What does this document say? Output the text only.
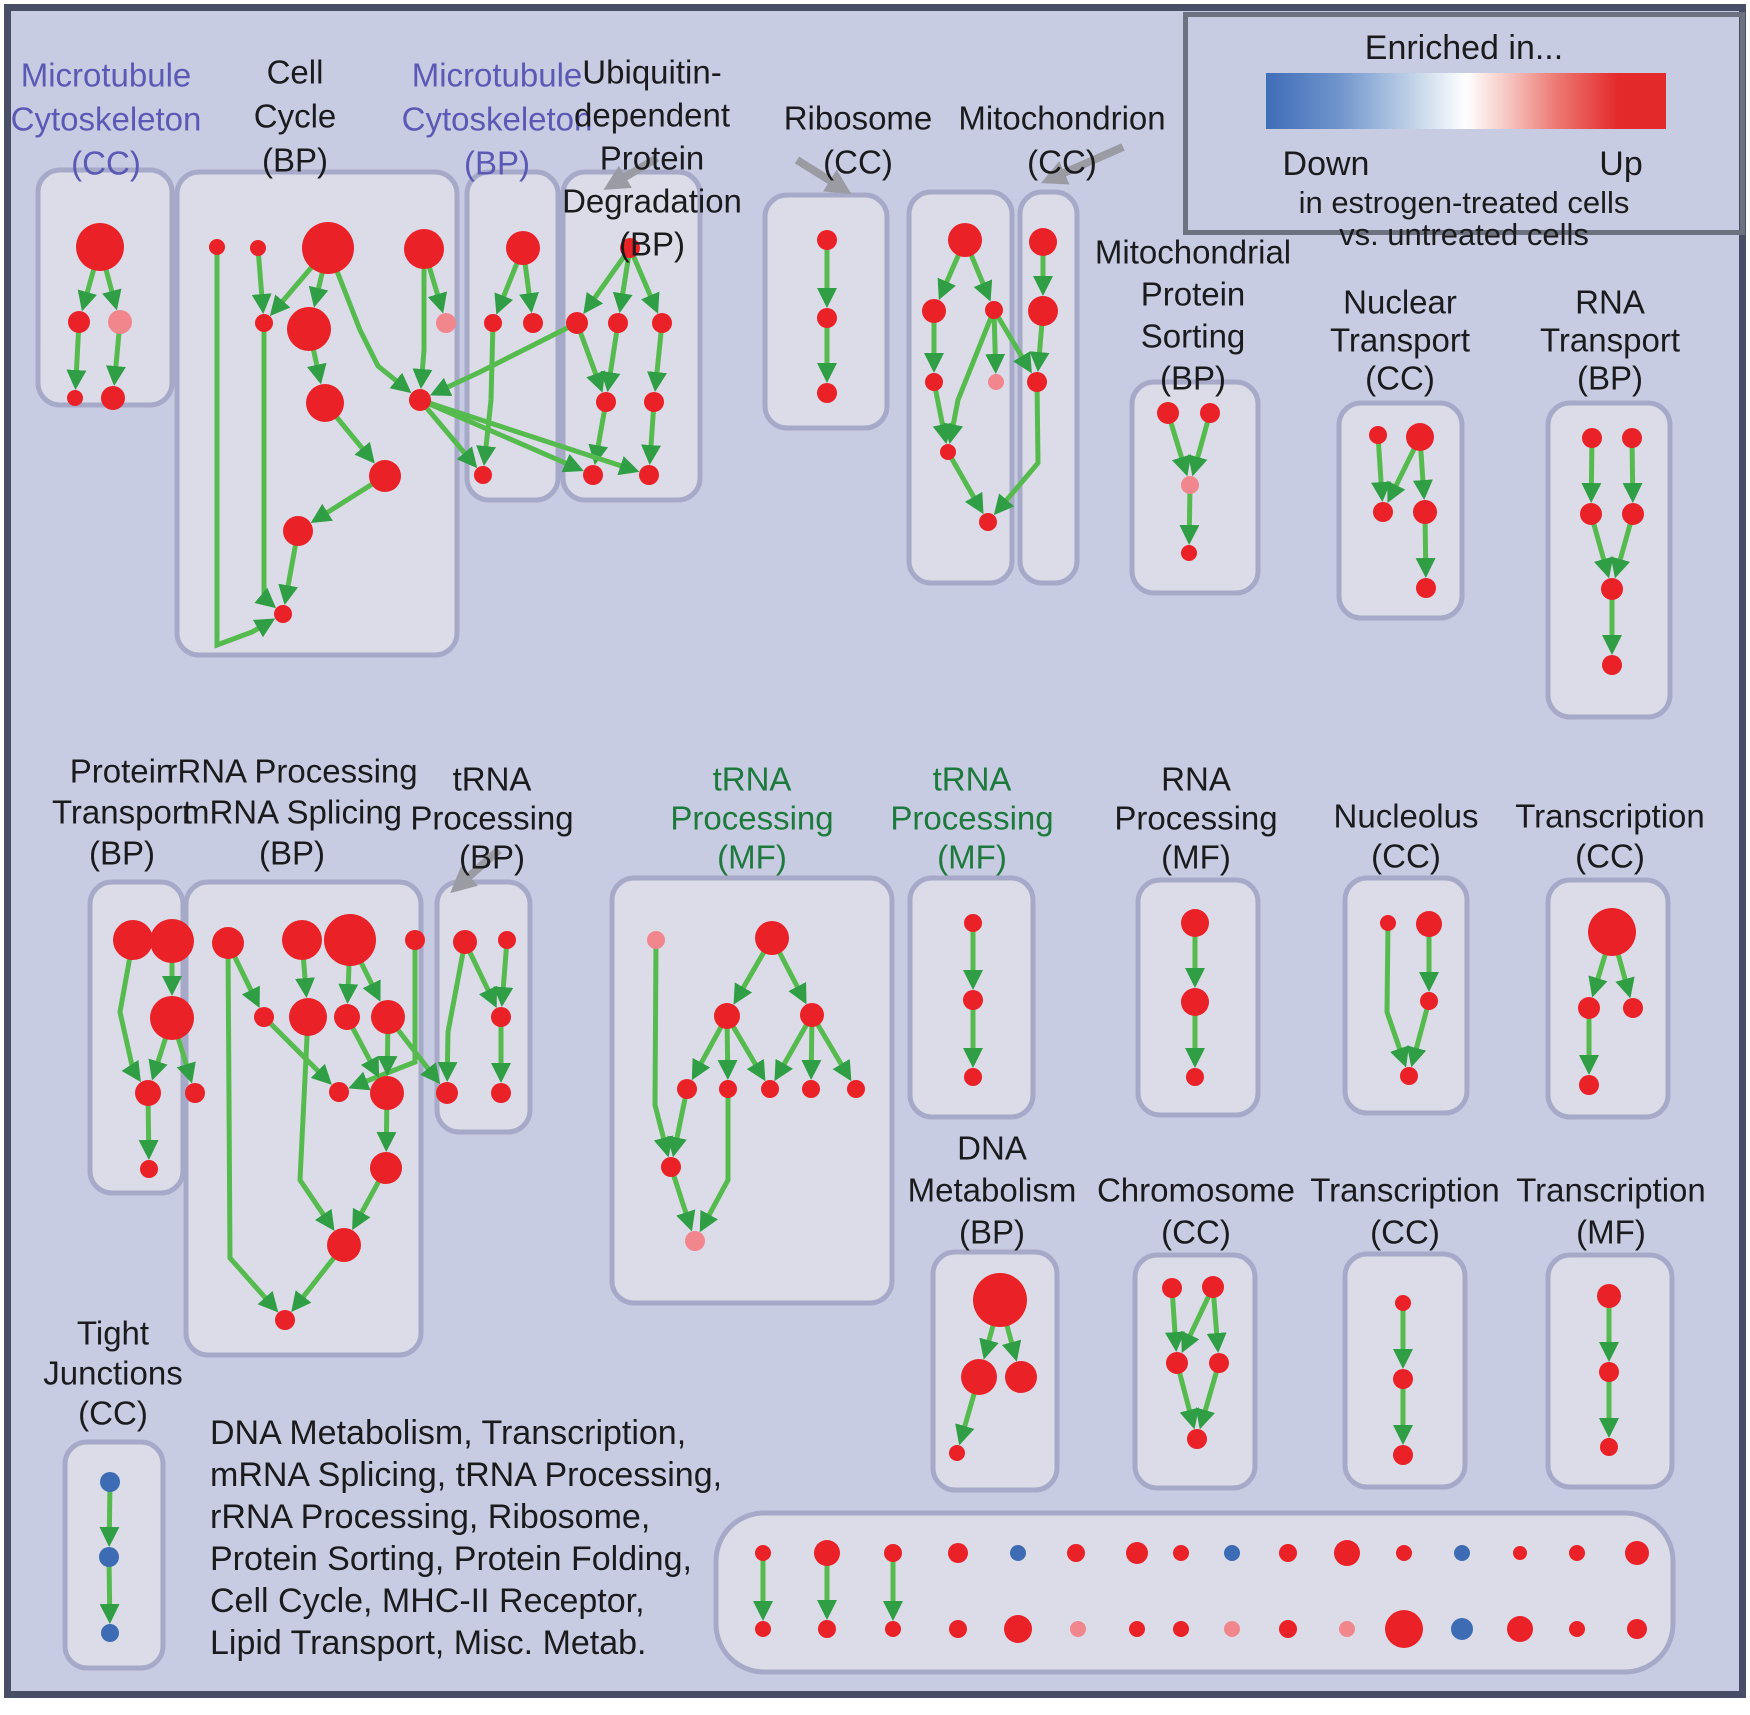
Microtubule
Cytoskeleton
(CC)
Cell
Cycle
(BP)
Microtubule
Cytoskeleton
(BP)
Ubiquitin-
dependent
Protein
Degradation
(BP)
Ribosome
(CC)
Mitochondrion
(CC)
Mitochondrial
Protein
Sorting
(BP)
Nuclear
Transport
(CC)
RNA
Transport
(BP)
Protein
Transport
(BP)
rRNA Processing
mRNA Splicing
(BP)
tRNA
Processing
(BP)
tRNA
Processing
(MF)
tRNA
Processing
(MF)
RNA
Processing
(MF)
Nucleolus
(CC)
Transcription
(CC)
DNA
Metabolism
(BP)
Chromosome
(CC)
Transcription
(CC)
Transcription
(MF)
Tight
Junctions
(CC)
DNA Metabolism, Transcription,
mRNA Splicing, tRNA Processing,
rRNA Processing, Ribosome,
Protein Sorting, Protein Folding,
Cell Cycle, MHC-II Receptor,
Lipid Transport, Misc. Metab.
Enriched in...
Down	Up
in estrogen-treated cells
vs. untreated cells
